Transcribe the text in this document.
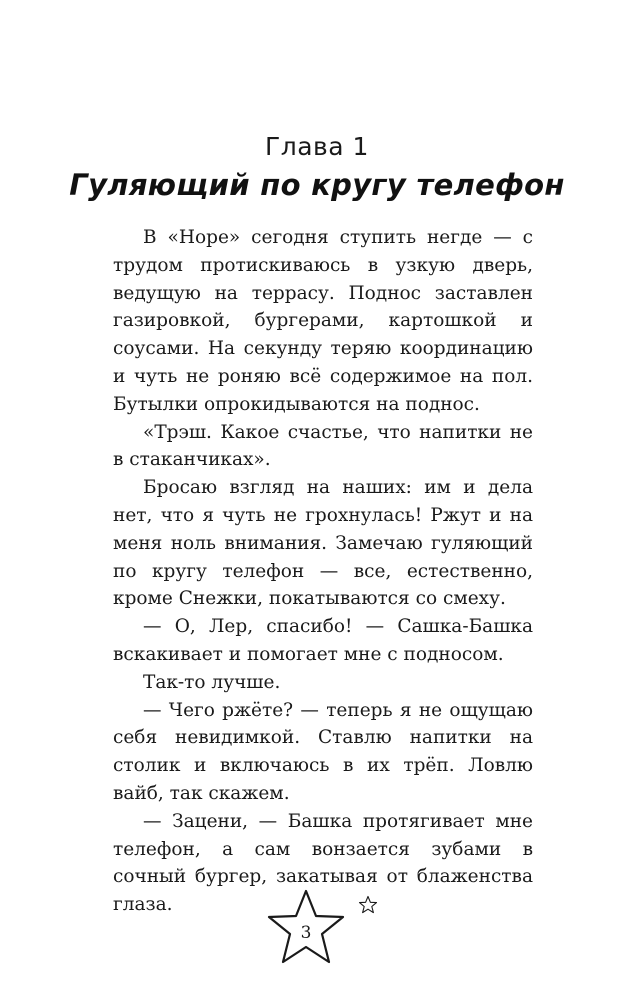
Глава 1
Гуляющий по кругу телефон

В «Норе» сегодня ступить негде — с трудом протискиваюсь в узкую дверь, ведущую на террасу. Поднос заставлен газировкой, бургерами, картошкой и соусами. На секунду теряю координацию и чуть не роняю всё содержимое на пол. Бутылки опрокидываются на поднос.

«Трэш. Какое счастье, что напитки не в стаканчиках».

Бросаю взгляд на наших: им и дела нет, что я чуть не грохнулась! Ржут и на меня ноль внимания. Замечаю гуляющий по кругу телефон — все, естественно, кроме Снежки, покатываются со смеху.

— О, Лер, спасибо! — Сашка-Башка вскакивает и помогает мне с подносом.

Так-то лучше.

— Чего ржёте? — теперь я не ощущаю себя невидимкой. Ставлю напитки на столик и включаюсь в их трёп. Ловлю вайб, так скажем.

— Зацени, — Башка протягивает мне телефон, а сам вонзается зубами в сочный бургер, закатывая от блаженства глаза.

3
